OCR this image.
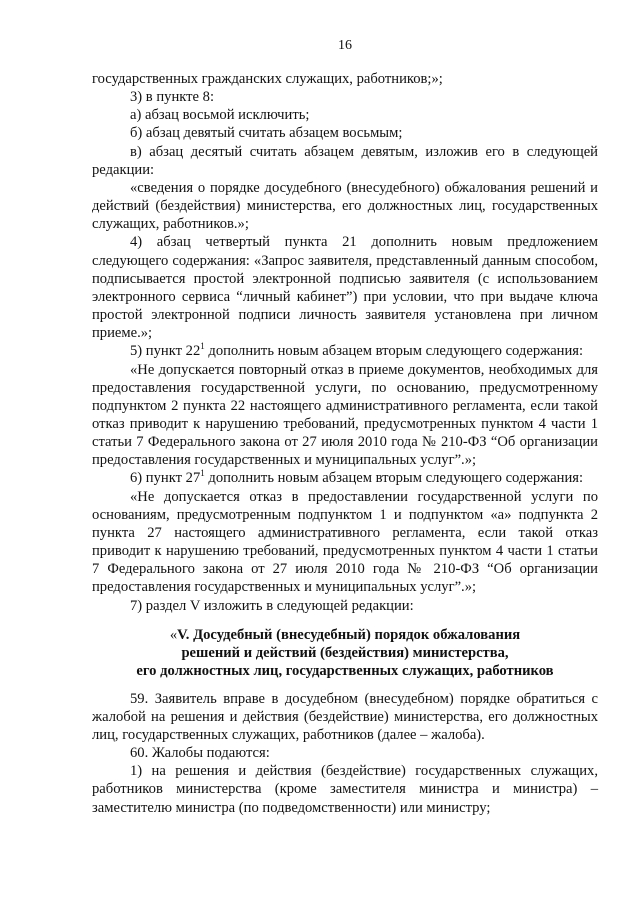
16

государственных гражданских служащих, работников;»;

3) в пункте 8:

а) абзац восьмой исключить;

б) абзац девятый считать абзацем восьмым;

в) абзац десятый считать абзацем девятым, изложив его в следующей редакции:

«сведения о порядке досудебного (внесудебного) обжалования решений и действий (бездействия) министерства, его должностных лиц, государственных служащих, работников.»;

4) абзац четвертый пункта 21 дополнить новым предложением следующего содержания: «Запрос заявителя, представленный данным способом, подписывается простой электронной подписью заявителя (с использованием электронного сервиса “личный кабинет”) при условии, что при выдаче ключа простой электронной подписи личность заявителя установлена при личном приеме.»;

5) пункт $22^1$ дополнить новым абзацем вторым следующего содержания:

«Не допускается повторный отказ в приеме документов, необходимых для предоставления государственной услуги, по основанию, предусмотренному подпунктом 2 пункта 22 настоящего административного регламента, если такой отказ приводит к нарушению требований, предусмотренных пунктом 4 части 1 статьи 7 Федерального закона от 27 июля 2010 года № 210-ФЗ “Об организации предоставления государственных и муниципальных услуг”.»;

6) пункт $27^1$ дополнить новым абзацем вторым следующего содержания:

«Не допускается отказ в предоставлении государственной услуги по основаниям, предусмотренным подпунктом 1 и подпунктом «а» подпункта 2 пункта 27 настоящего административного регламента, если такой отказ приводит к нарушению требований, предусмотренных пунктом 4 части 1 статьи 7 Федерального закона от 27 июля 2010 года № 210-ФЗ “Об организации предоставления государственных и муниципальных услуг”.»;

7) раздел V изложить в следующей редакции:

«V. Досудебный (внесудебный) порядок обжалования
решений и действий (бездействия) министерства,
его должностных лиц, государственных служащих, работников

59. Заявитель вправе в досудебном (внесудебном) порядке обратиться с жалобой на решения и действия (бездействие) министерства, его должностных лиц, государственных служащих, работников (далее – жалоба).

60. Жалобы подаются:

1) на решения и действия (бездействие) государственных служащих, работников министерства (кроме заместителя министра и министра) – заместителю министра (по подведомственности) или министру;
